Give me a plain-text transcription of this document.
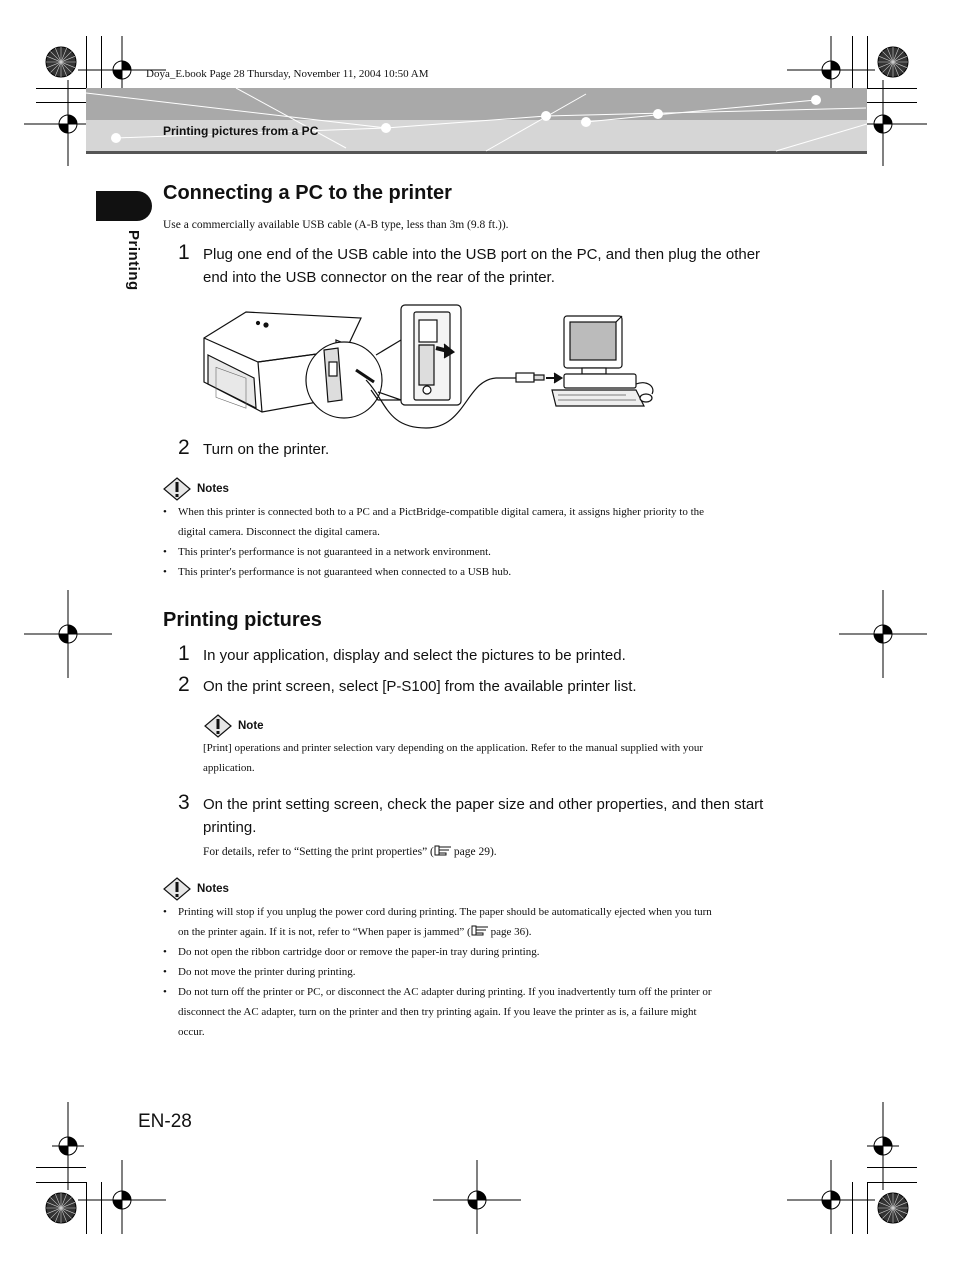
Doya_E.book Page 28 Thursday, November 11, 2004 10:50 AM
Printing pictures from a PC
Printing
Connecting a PC to the printer
Use a commercially available USB cable (A-B type, less than 3m (9.8 ft.)).
1 Plug one end of the USB cable into the USB port on the PC, and then plug the other
end into the USB connector on the rear of the printer.
2 Turn on the printer.
Notes
• When this printer is connected both to a PC and a PictBridge-compatible digital camera, it assigns higher priority to the
digital camera. Disconnect the digital camera.
• This printer's performance is not guaranteed in a network environment.
• This printer's performance is not guaranteed when connected to a USB hub.
Printing pictures
1 In your application, display and select the pictures to be printed.
2 On the print screen, select [P-S100] from the available printer list.
Note
[Print] operations and printer selection vary depending on the application. Refer to the manual supplied with your
application.
3 On the print setting screen, check the paper size and other properties, and then start
printing.
For details, refer to “Setting the print properties” ( page 29).
Notes
• Printing will stop if you unplug the power cord during printing. The paper should be automatically ejected when you turn
on the printer again. If it is not, refer to “When paper is jammed” ( page 36).
• Do not open the ribbon cartridge door or remove the paper-in tray during printing.
• Do not move the printer during printing.
• Do not turn off the printer or PC, or disconnect the AC adapter during printing. If you inadvertently turn off the printer or
disconnect the AC adapter, turn on the printer and then try printing again. If you leave the printer as is, a failure might
occur.
EN-28
